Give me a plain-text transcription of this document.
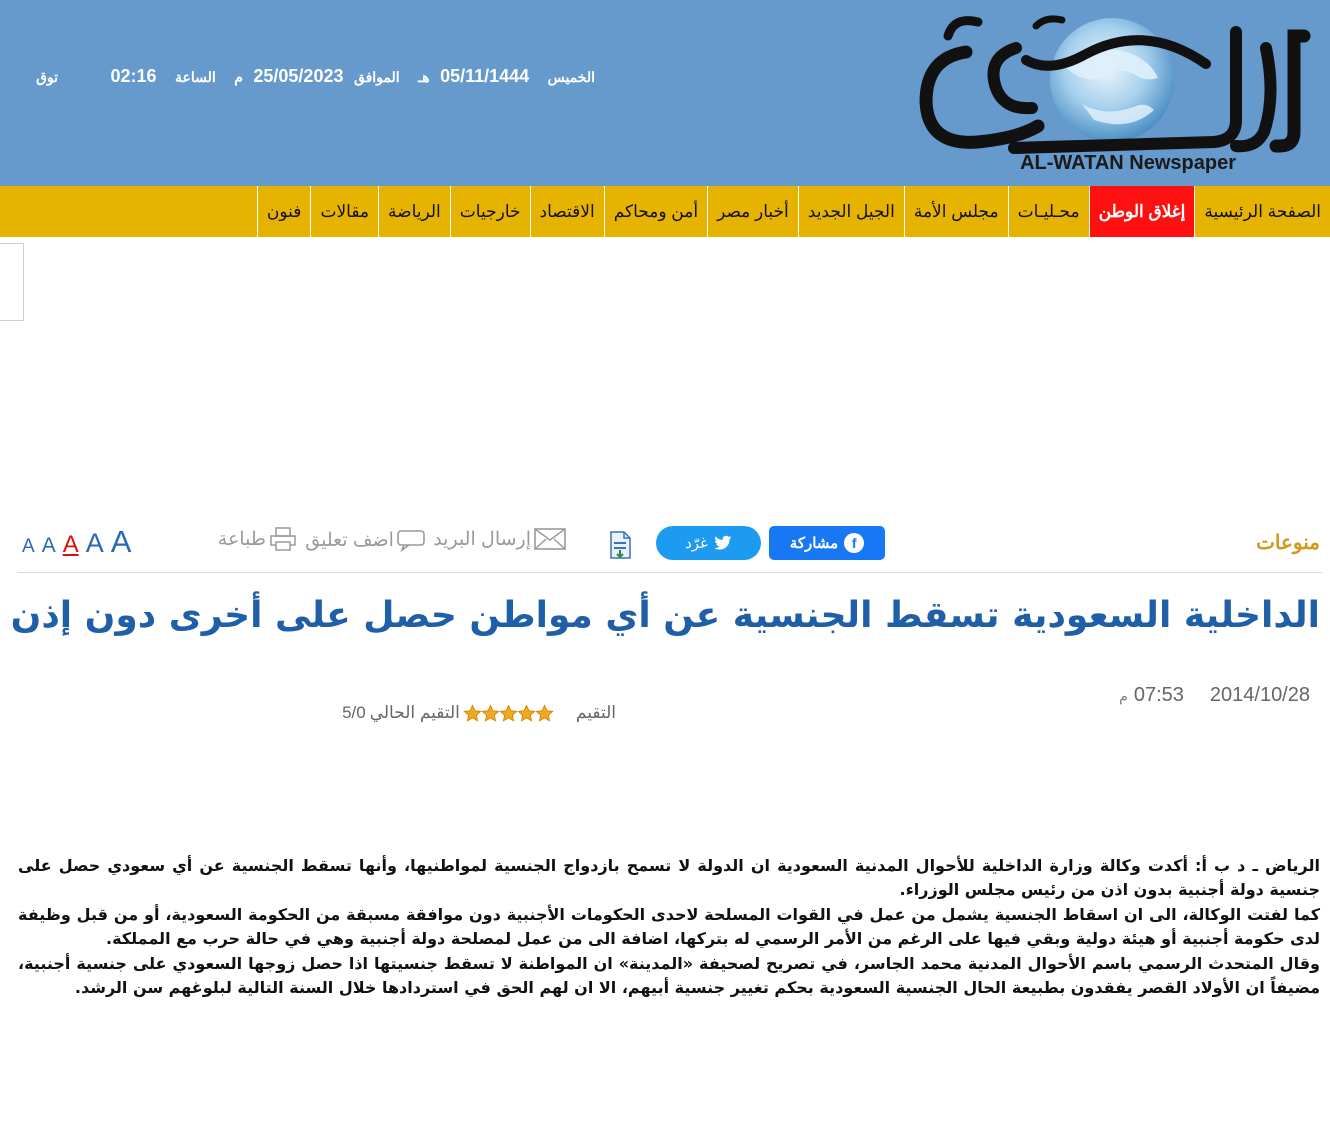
الخميس 05/11/1444 هـ الموافق 25/05/2023 م الساعة 02:16 توق
AL-WATAN Newspaper
الصفحة الرئيسيةإغلاق الوطنمحـليـاتمجلس الأمةالجيل الجديدأخبار مصرأمن ومحاكمالاقتصادخارجياتالرياضةمقالاتفنون
منوعات
f
مشاركة
غرّد
إرسال البريد

اضف تعليق

طباعة
A A A A A
الداخلية السعودية تسقط الجنسية عن أي مواطن حصل على أخرى دون إذن
2014/10/2807:53م
التقيم
التقيم الحالي
5/0

الرياض ـ د ب أ: أكدت وكالة وزارة الداخلية للأحوال المدنية السعودية ان الدولة لا تسمح بازدواج الجنسية لمواطنيها، وأنها تسقط الجنسية عن أي سعودي حصل على جنسية دولة أجنبية بدون اذن من رئيس مجلس الوزراء.

كما لفتت الوكالة، الى ان اسقاط الجنسية يشمل من عمل في القوات المسلحة لاحدى الحكومات الأجنبية دون موافقة مسبقة من الحكومة السعودية، أو من قبل وظيفة لدى حكومة أجنبية أو هيئة دولية وبقي فيها على الرغم من الأمر الرسمي له بتركها، اضافة الى من عمل لمصلحة دولة أجنبية وهي في حالة حرب مع المملكة.

وقال المتحدث الرسمي باسم الأحوال المدنية محمد الجاسر، في تصريح لصحيفة «المدينة» ان المواطنة لا تسقط جنسيتها اذا حصل زوجها السعودي على جنسية أجنبية، مضيفاً ان الأولاد القصر يفقدون بطبيعة الحال الجنسية السعودية بحكم تغيير جنسية أبيهم، الا ان لهم الحق في استردادها خلال السنة التالية لبلوغهم سن الرشد.
